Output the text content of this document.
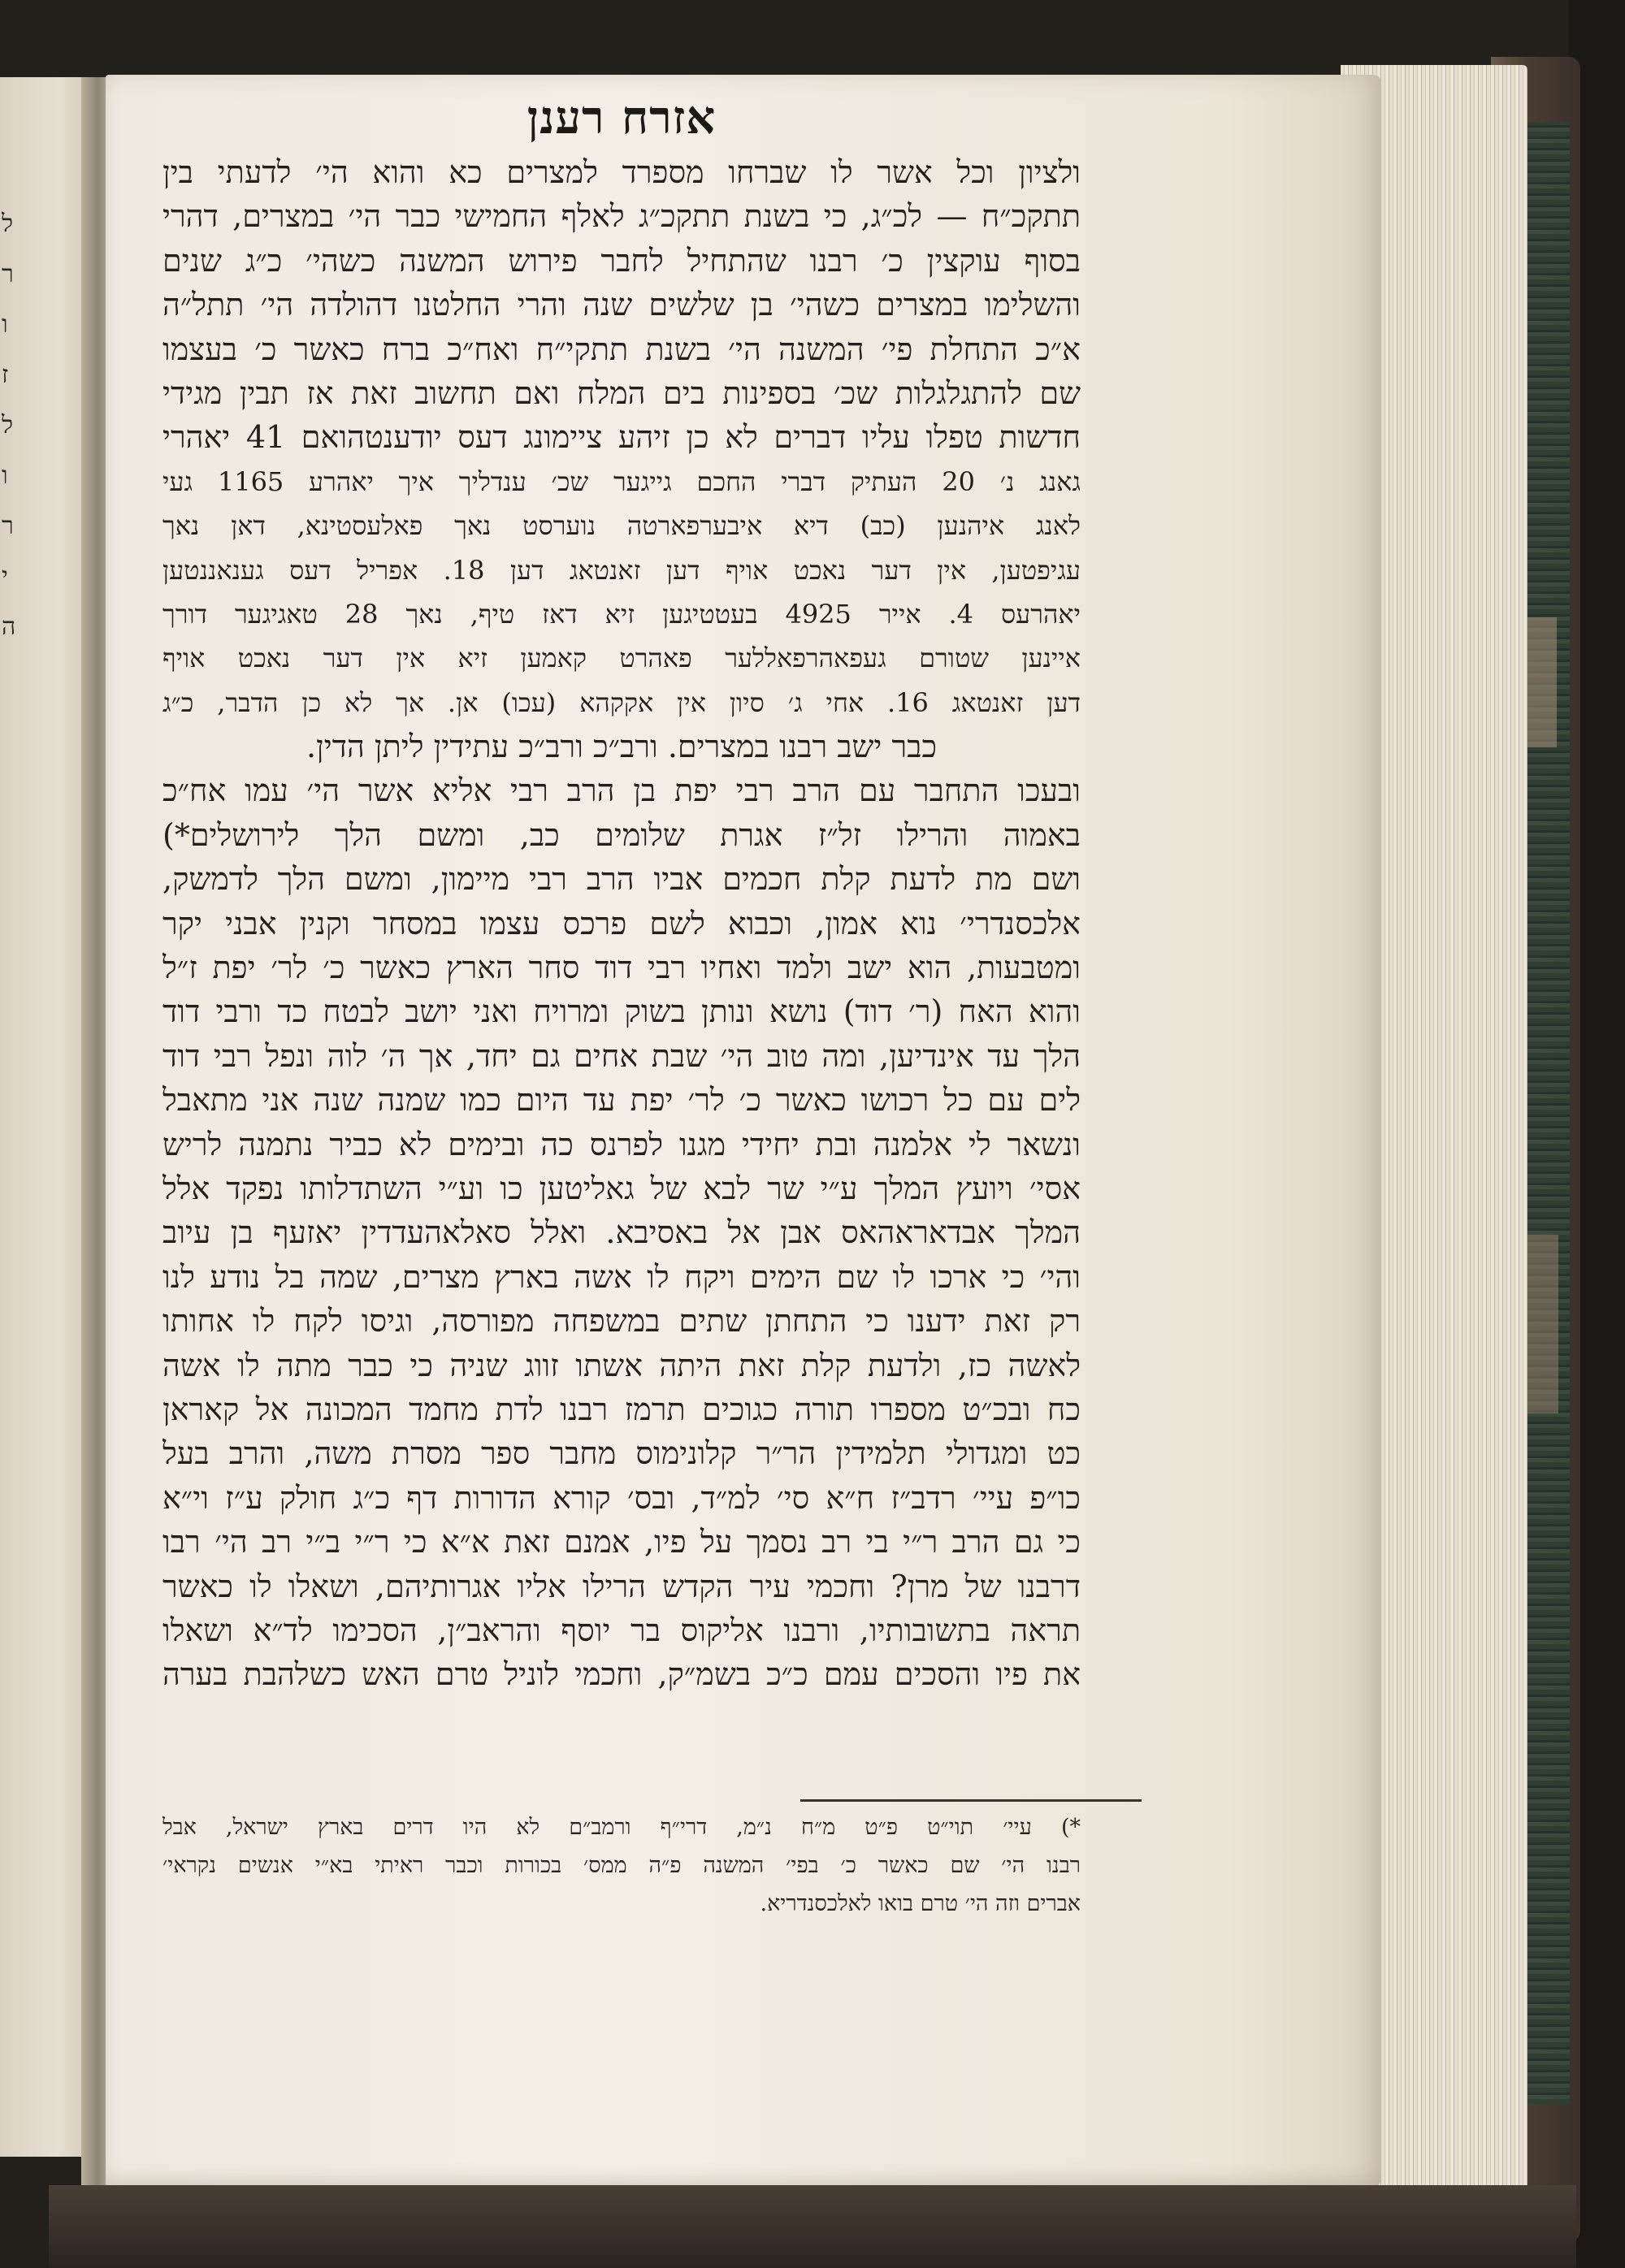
ל
ר
ו
ז
ל
ו
ר
י
ה
אזרח רענן
ולציון וכל אשר לו שברחו מספרד למצרים כא והוא הי׳ לדעתי בין
תתקכ״ח — לכ״ג, כי בשנת תתקכ״ג לאלף החמישי כבר הי׳ במצרים, דהרי
בסוף עוקצין כ׳ רבנו שהתחיל לחבר פירוש המשנה כשהי׳ כ״ג שנים
והשלימו במצרים כשהי׳ בן שלשים שנה והרי החלטנו דהולדה הי׳ תתל״ה
א״כ התחלת פי׳ המשנה הי׳ בשנת תתקי״ח ואח״כ ברח כאשר כ׳ בעצמו
שם להתגלגלות שכ׳ בספינות בים המלח ואם תחשוב זאת אז תבין מגידי
חדשות טפלו עליו דברים לא כן זיהע ציימונג דעס יודענטהואם 41 יאהרי
גאנג נ׳ 20 העתיק דברי החכם גייגער שכ׳ ענדליך איך יאהרע 1165 געי
לאנג איהנען (כב) דיא איבערפארטה נוערסט נאך פאלעסטינא, דאן נאך
עגיפטען, אין דער נאכט אויף דען זאנטאג דען 18. אפריל דעס גענאננטען
יאהרעס 4. אייר 4925 בעטטיגען זיא דאז טיף, נאך 28 טאגיגער דורך
איינען שטורם געפאהרפאללער פאהרט קאמען זיא אין דער נאכט אויף
דען זאנטאג 16. אחי ג׳ סיון אין אקקהא (עכו) אן. אך לא כן הדבר, כ״ג
כבר ישב רבנו במצרים. ורב״כ ורב״כ עתידין ליתן הדין.
ובעכו התחבר עם הרב רבי יפת בן הרב רבי אליא אשר הי׳ עמו אח״כ
באמוה והרילו זל״ז אגרת שלומים כב, ומשם הלך לירושלים*)
ושם מת לדעת קלת חכמים אביו הרב רבי מיימון, ומשם הלך לדמשק,
אלכסנדרי׳ נוא אמון, וכבוא לשם פרכס עצמו במסחר וקנין אבני יקר
ומטבעות, הוא ישב ולמד ואחיו רבי דוד סחר הארץ כאשר כ׳ לר׳ יפת ז״ל
והוא האח (ר׳ דוד) נושא ונותן בשוק ומרויח ואני יושב לבטח כד ורבי דוד
הלך עד אינדיען, ומה טוב הי׳ שבת אחים גם יחד, אך ה׳ לוה ונפל רבי דוד
לים עם כל רכושו כאשר כ׳ לר׳ יפת עד היום כמו שמנה שנה אני מתאבל
ונשאר לי אלמנה ובת יחידי מגנו לפרנס כה ובימים לא כביר נתמנה לריש
אסי׳ ויועץ המלך ע״י שר לבא של גאליטען כו וע״י השתדלותו נפקד אלל
המלך אבדאראהאס אבן אל באסיבא. ואלל סאלאהעדדין יאזעף בן עיוב
והי׳ כי ארכו לו שם הימים ויקח לו אשה בארץ מצרים, שמה בל נודע לנו
רק זאת ידענו כי התחתן שתים במשפחה מפורסה, וגיסו לקח לו אחותו
לאשה כז, ולדעת קלת זאת היתה אשתו זווג שניה כי כבר מתה לו אשה
כח ובכ״ט מספרו תורה כגוכים תרמז רבנו לדת מחמד המכונה אל קאראן
כט ומגדולי תלמידין הר״ר קלונימוס מחבר ספר מסרת משה, והרב בעל
כו״פ עיי׳ רדב״ז ח״א סי׳ למ״ד, ובס׳ קורא הדורות דף כ״ג חולק ע״ז וי״א
כי גם הרב ר״י בי רב נסמך על פיו, אמנם זאת א״א כי ר״י ב״י רב הי׳ רבו
דרבנו של מרן? וחכמי עיר הקדש הרילו אליו אגרותיהם, ושאלו לו כאשר
תראה בתשובותיו, ורבנו אליקוס בר יוסף והראב״ן, הסכימו לד״א ושאלו
את פיו והסכים עמם כ״כ בשמ״ק, וחכמי לוניל טרם האש כשלהבת בערה
*) עיי׳ תוי״ט פ״ט מ״ח נ״מ, דרי״ף ורמב״ם לא היו דרים בארץ ישראל, אבל
רבנו הי׳ שם כאשר כ׳ בפי׳ המשנה פ״ה ממס׳ בכורות וכבר ראיתי בא״י אנשים נקראי׳
אברים וזה הי׳ טרם בואו לאלכסנדריא.
